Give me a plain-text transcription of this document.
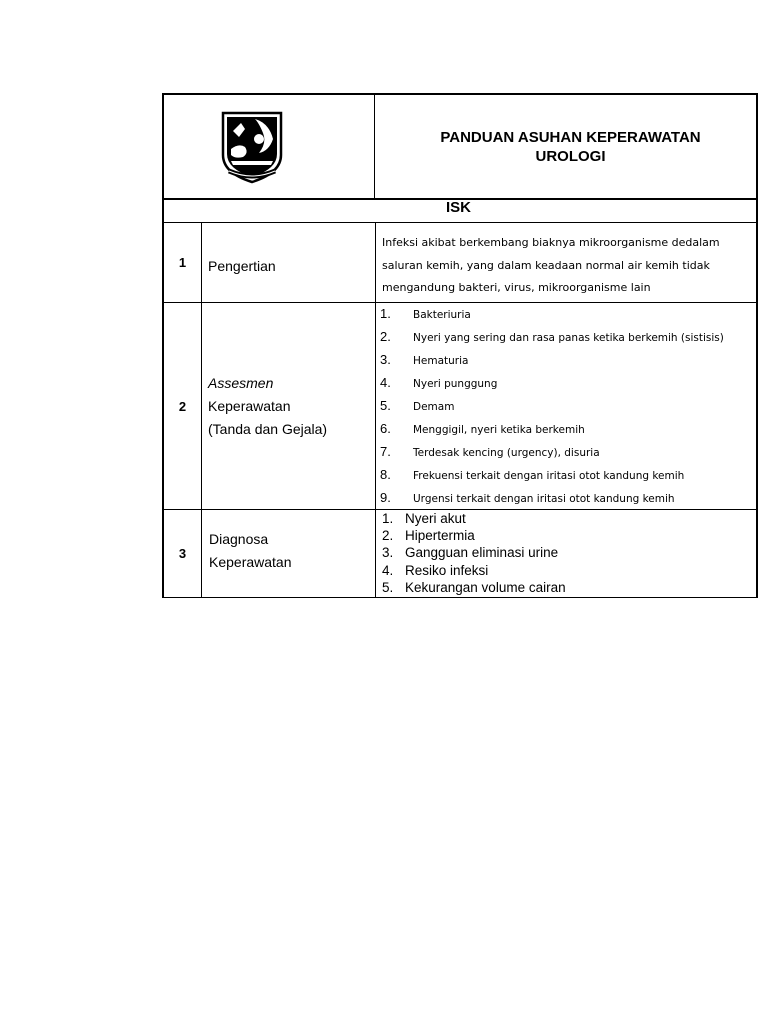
PANDUAN ASUHAN KEPERAWATAN
UROLOGI
ISK
1	Pengertian
Infeksi akibat berkembang biaknya mikroorganisme dedalam
saluran kemih, yang dalam keadaan normal air kemih tidak
mengandung bakteri, virus, mikroorganisme lain
2
Assesmen
Keperawatan
(Tanda dan Gejala)
1. Bakteriuria
2. Nyeri yang sering dan rasa panas ketika berkemih (sistisis)
3. Hematuria
4. Nyeri punggung
5. Demam
6. Menggigil, nyeri ketika berkemih
7. Terdesak kencing (urgency), disuria
8. Frekuensi terkait dengan iritasi otot kandung kemih
9. Urgensi terkait dengan iritasi otot kandung kemih
3
Diagnosa
Keperawatan
1. Nyeri akut
2. Hipertermia
3. Gangguan eliminasi urine
4. Resiko infeksi
5. Kekurangan volume cairan
